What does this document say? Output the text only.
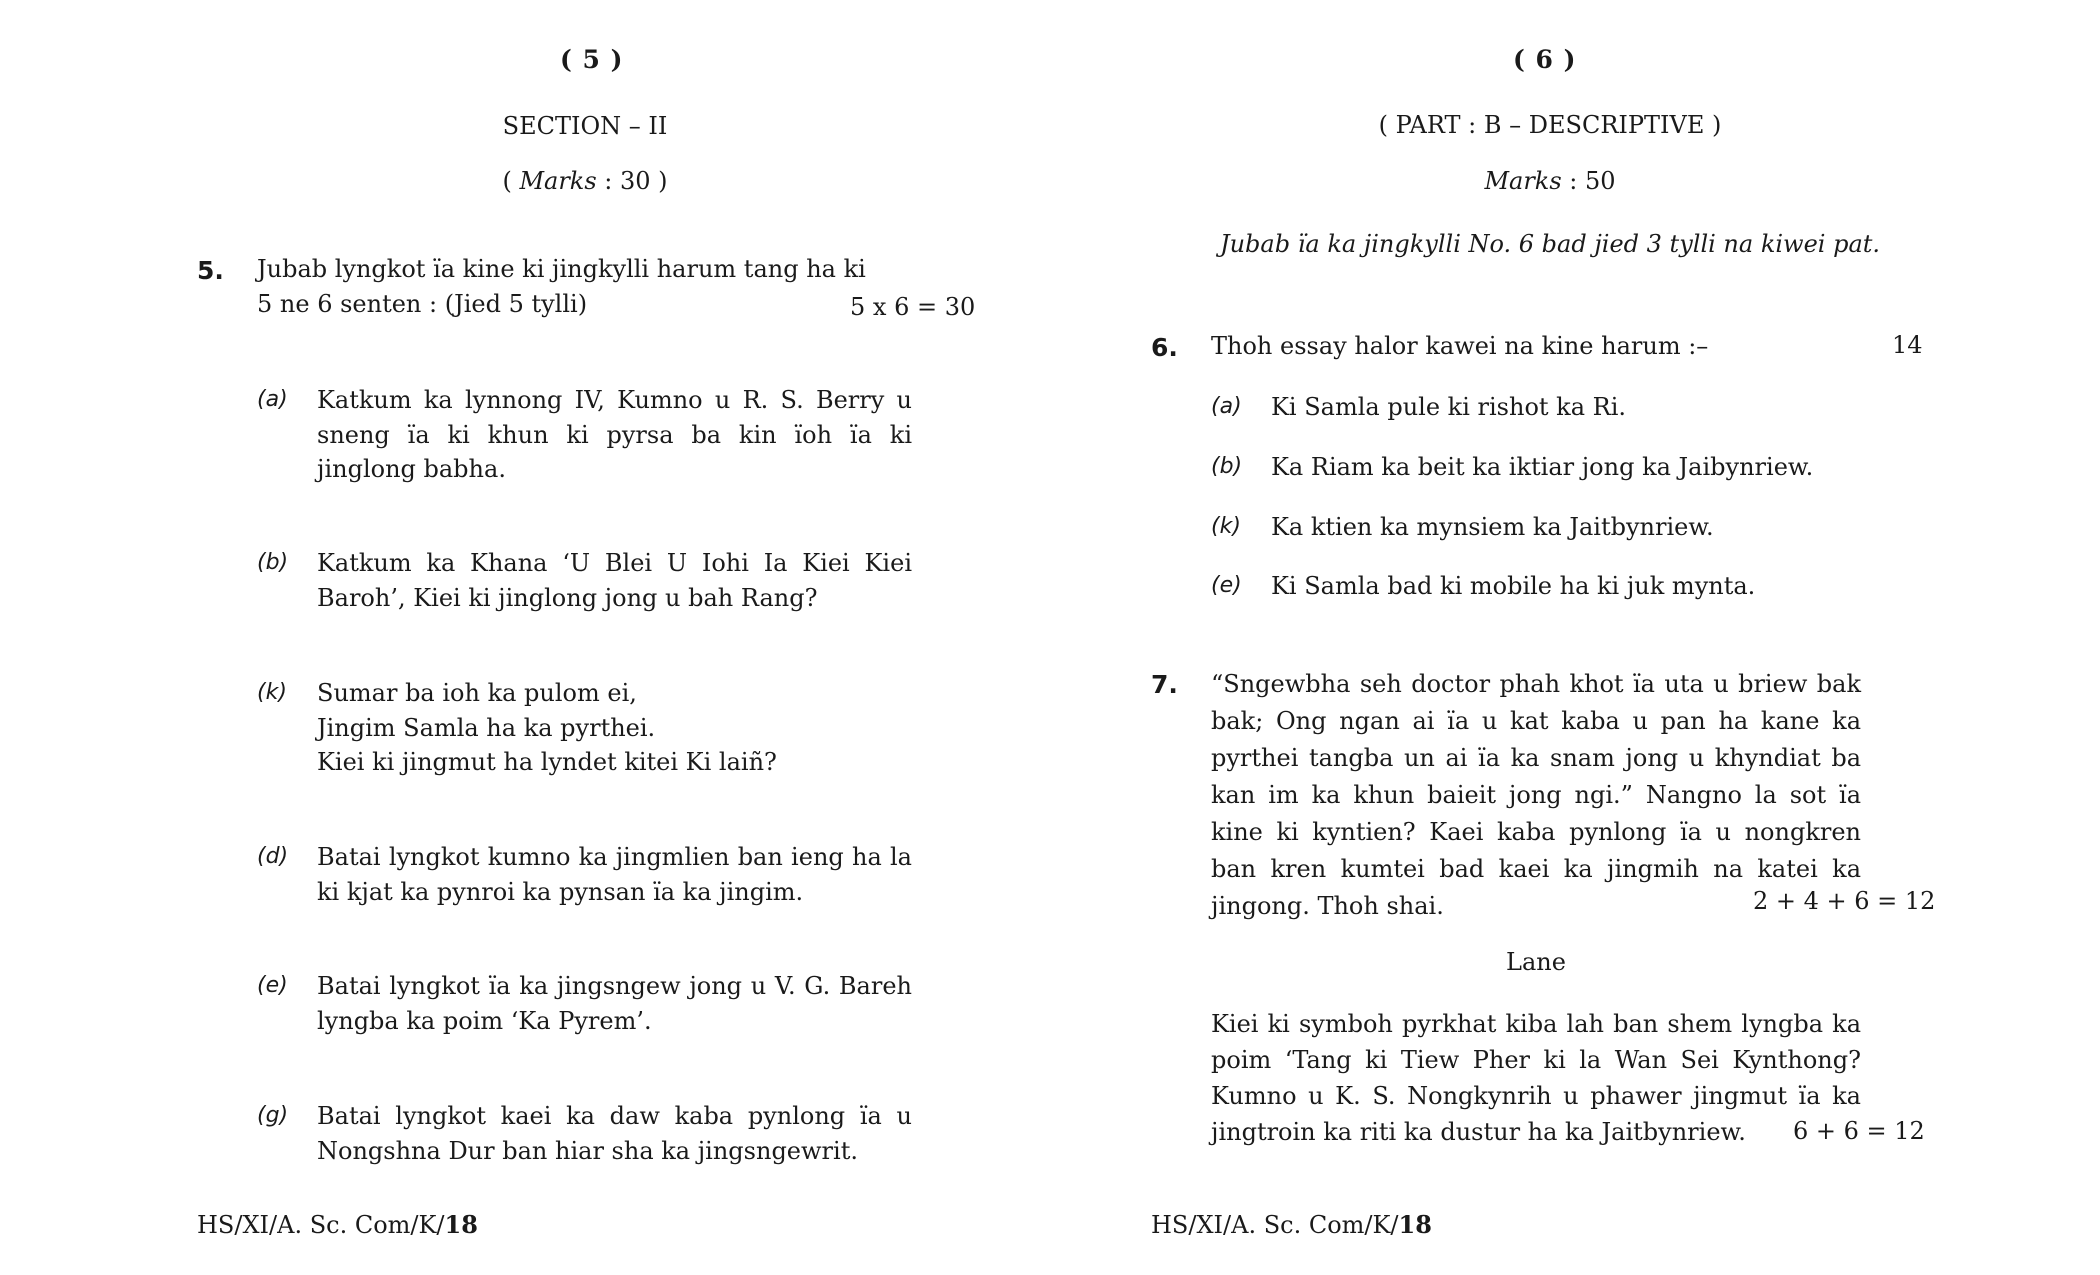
( 5 )
SECTION – II
( Marks : 30 )
5. Jubab lyngkot ïa kine ki jingkylli harum tang ha ki
5 ne 6 senten : (Jied 5 tylli)	5 x 6 = 30
(a) Katkum ka lynnong IV, Kumno u R. S. Berry u sneng ïa ki khun ki pyrsa ba kin ïoh ïa ki jinglong babha.
(b) Katkum ka Khana ‘U Blei U Iohi Ia Kiei Kiei Baroh’, Kiei ki jinglong jong u bah Rang?
(k) Sumar ba ioh ka pulom ei,
Jingim Samla ha ka pyrthei.
Kiei ki jingmut ha lyndet kitei Ki laiñ?
(d) Batai lyngkot kumno ka jingmlien ban ieng ha la ki kjat ka pynroi ka pynsan ïa ka jingim.
(e) Batai lyngkot ïa ka jingsngew jong u V. G. Bareh lyngba ka poim ‘Ka Pyrem’.
(g) Batai lyngkot kaei ka daw kaba pynlong ïa u Nongshna Dur ban hiar sha ka jingsngewrit.
HS/XI/A. Sc. Com/K/18
( 6 )
( PART : B – DESCRIPTIVE )
Marks : 50
Jubab ïa ka jingkylli No. 6 bad jied 3 tylli na kiwei pat.
6. Thoh essay halor kawei na kine harum :–	14
(a) Ki Samla pule ki rishot ka Ri.
(b) Ka Riam ka beit ka iktiar jong ka Jaibynriew.
(k) Ka ktien ka mynsiem ka Jaitbynriew.
(e) Ki Samla bad ki mobile ha ki juk mynta.
7. “Sngewbha seh doctor phah khot ïa uta u briew bak bak; Ong ngan ai ïa u kat kaba u pan ha kane ka pyrthei tangba un ai ïa ka snam jong u khyndiat ba kan im ka khun baieit jong ngi.” Nangno la sot ïa kine ki kyntien? Kaei kaba pynlong ïa u nongkren ban kren kumtei bad kaei ka jingmih na katei ka jingong. Thoh shai.	2 + 4 + 6 = 12
Lane
Kiei ki symboh pyrkhat kiba lah ban shem lyngba ka poim ‘Tang ki Tiew Pher ki la Wan Sei Kynthong? Kumno u K. S. Nongkynrih u phawer jingmut ïa ka jingtroin ka riti ka dustur ha ka Jaitbynriew.	6 + 6 = 12
HS/XI/A. Sc. Com/K/18
